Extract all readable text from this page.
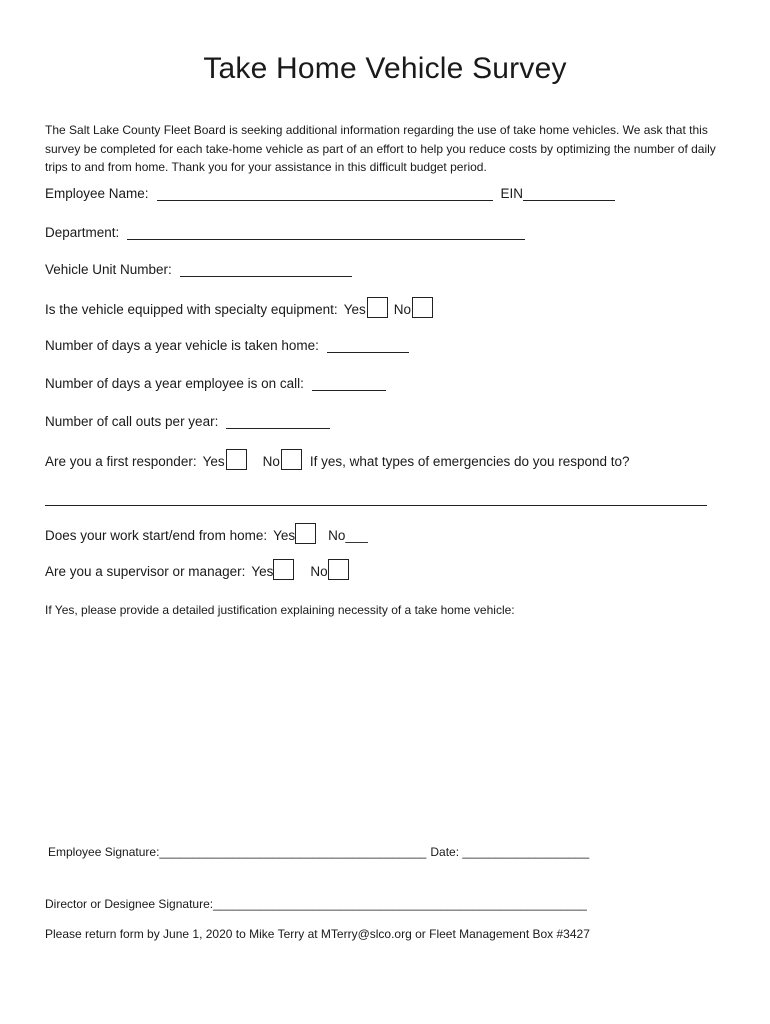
Take Home Vehicle Survey
The Salt Lake County Fleet Board is seeking additional information regarding the use of take home vehicles. We ask that this survey be completed for each take-home vehicle as part of an effort to help you reduce costs by optimizing the number of daily trips to and from home. Thank you for your assistance in this difficult budget period.
Employee Name:	EIN
Department:
Vehicle Unit Number:
Is the vehicle equipped with specialty equipment: Yes No
Number of days a year vehicle is taken home:
Number of days a year employee is on call:
Number of call outs per year:
Are you a first responder: Yes	No If yes, what types of emergencies do you respond to?
Does your work start/end from home: Yes No___
Are you a supervisor or manager: Yes	No
If Yes, please provide a detailed justification explaining necessity of a take home vehicle:
Employee Signature:________________________________________ Date: ___________________
Director or Designee Signature:________________________________________________________
Please return form by June 1, 2020 to Mike Terry at MTerry@slco.org or Fleet Management Box #3427
